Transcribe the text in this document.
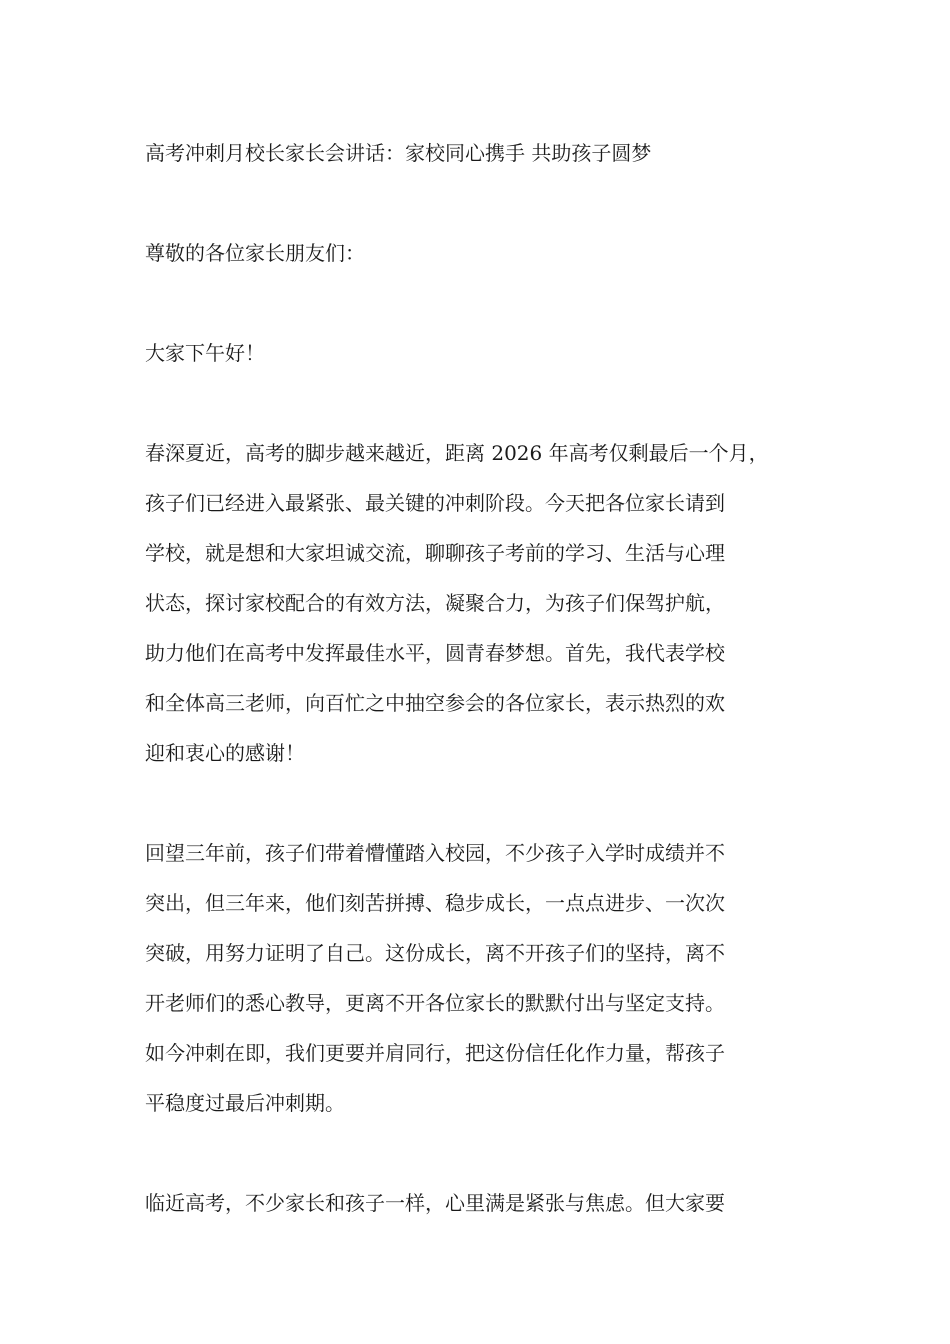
高考冲刺月校长家长会讲话：家校同心携手 共助孩子圆梦
尊敬的各位家长朋友们：
大家下午好！
春深夏近，高考的脚步越来越近，距离 2026 年高考仅剩最后一个月，
孩子们已经进入最紧张、最关键的冲刺阶段。今天把各位家长请到
学校，就是想和大家坦诚交流，聊聊孩子考前的学习、生活与心理
状态，探讨家校配合的有效方法，凝聚合力，为孩子们保驾护航，
助力他们在高考中发挥最佳水平，圆青春梦想。首先，我代表学校
和全体高三老师，向百忙之中抽空参会的各位家长，表示热烈的欢
迎和衷心的感谢！
回望三年前，孩子们带着懵懂踏入校园，不少孩子入学时成绩并不
突出，但三年来，他们刻苦拼搏、稳步成长，一点点进步、一次次
突破，用努力证明了自己。这份成长，离不开孩子们的坚持，离不
开老师们的悉心教导，更离不开各位家长的默默付出与坚定支持。
如今冲刺在即，我们更要并肩同行，把这份信任化作力量，帮孩子
平稳度过最后冲刺期。
临近高考，不少家长和孩子一样，心里满是紧张与焦虑。但大家要
